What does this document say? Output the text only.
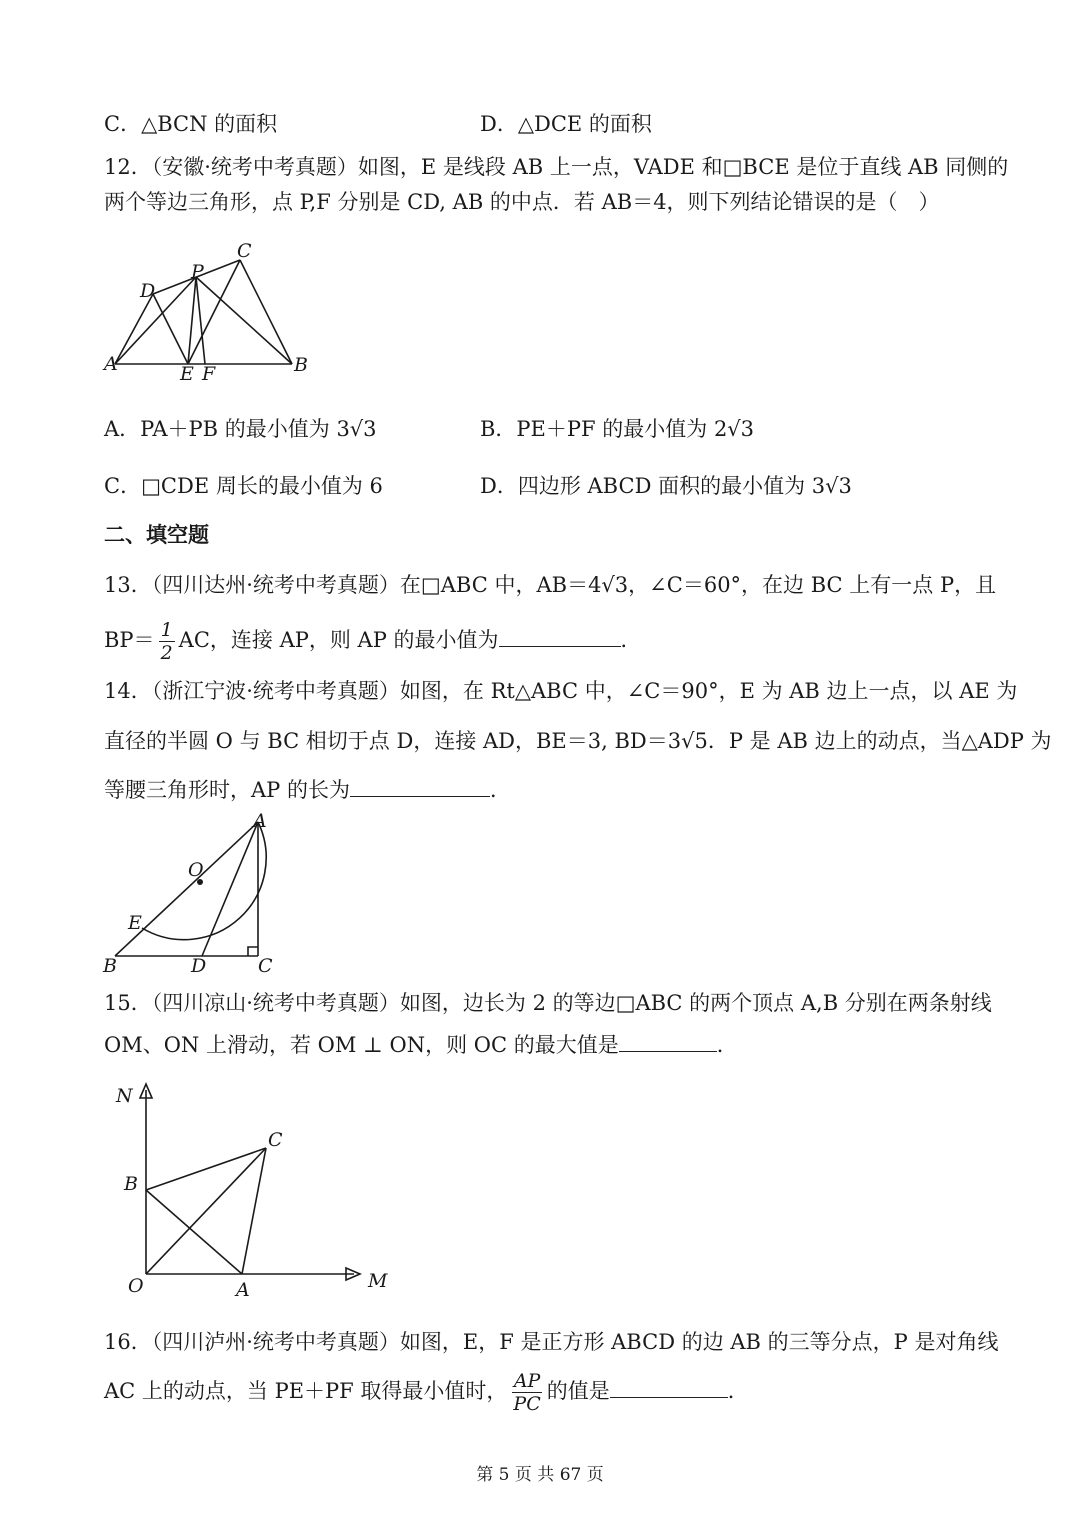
C．△BCN 的面积	D．△DCE 的面积
12．（安徽·统考中考真题）如图，E 是线段 AB 上一点，VADE 和□BCE 是位于直线 AB 同侧的
两个等边三角形，点 P,F 分别是 CD, AB 的中点．若 AB＝4，则下列结论错误的是（　）
C
P
D
A	E F	B
A．PA＋PB 的最小值为 3√3	B．PE＋PF 的最小值为 2√3
C．□CDE 周长的最小值为 6	D．四边形 ABCD 面积的最小值为 3√3
二、填空题
13．（四川达州·统考中考真题）在□ABC 中，AB＝4√3，∠C＝60°，在边 BC 上有一点 P，且
$BP= \frac{1}{2}$ AC，连接 AP，则 AP 的最小值为	．
14．（浙江宁波·统考中考真题）如图，在 Rt△ABC 中，∠C＝90°，E 为 AB 边上一点，以 AE 为
直径的半圆 O 与 BC 相切于点 D，连接 AD，BE＝3, BD＝3√5．P 是 AB 边上的动点，当△ADP 为
等腰三角形时，AP 的长为	．
A
O
E
B	D	C
15．（四川凉山·统考中考真题）如图，边长为 2 的等边□ABC 的两个顶点 A,B 分别在两条射线
OM、ON 上滑动，若 OM ⊥ ON，则 OC 的最大值是	．
N
C
B
O	A	M
16．（四川泸州·统考中考真题）如图，E，F 是正方形 ABCD 的边 AB 的三等分点，P 是对角线
AC 上的动点，当 PE＋PF 取得最小值时， $\frac{AP}{PC}$ 的值是	．
第 5 页 共 67 页
